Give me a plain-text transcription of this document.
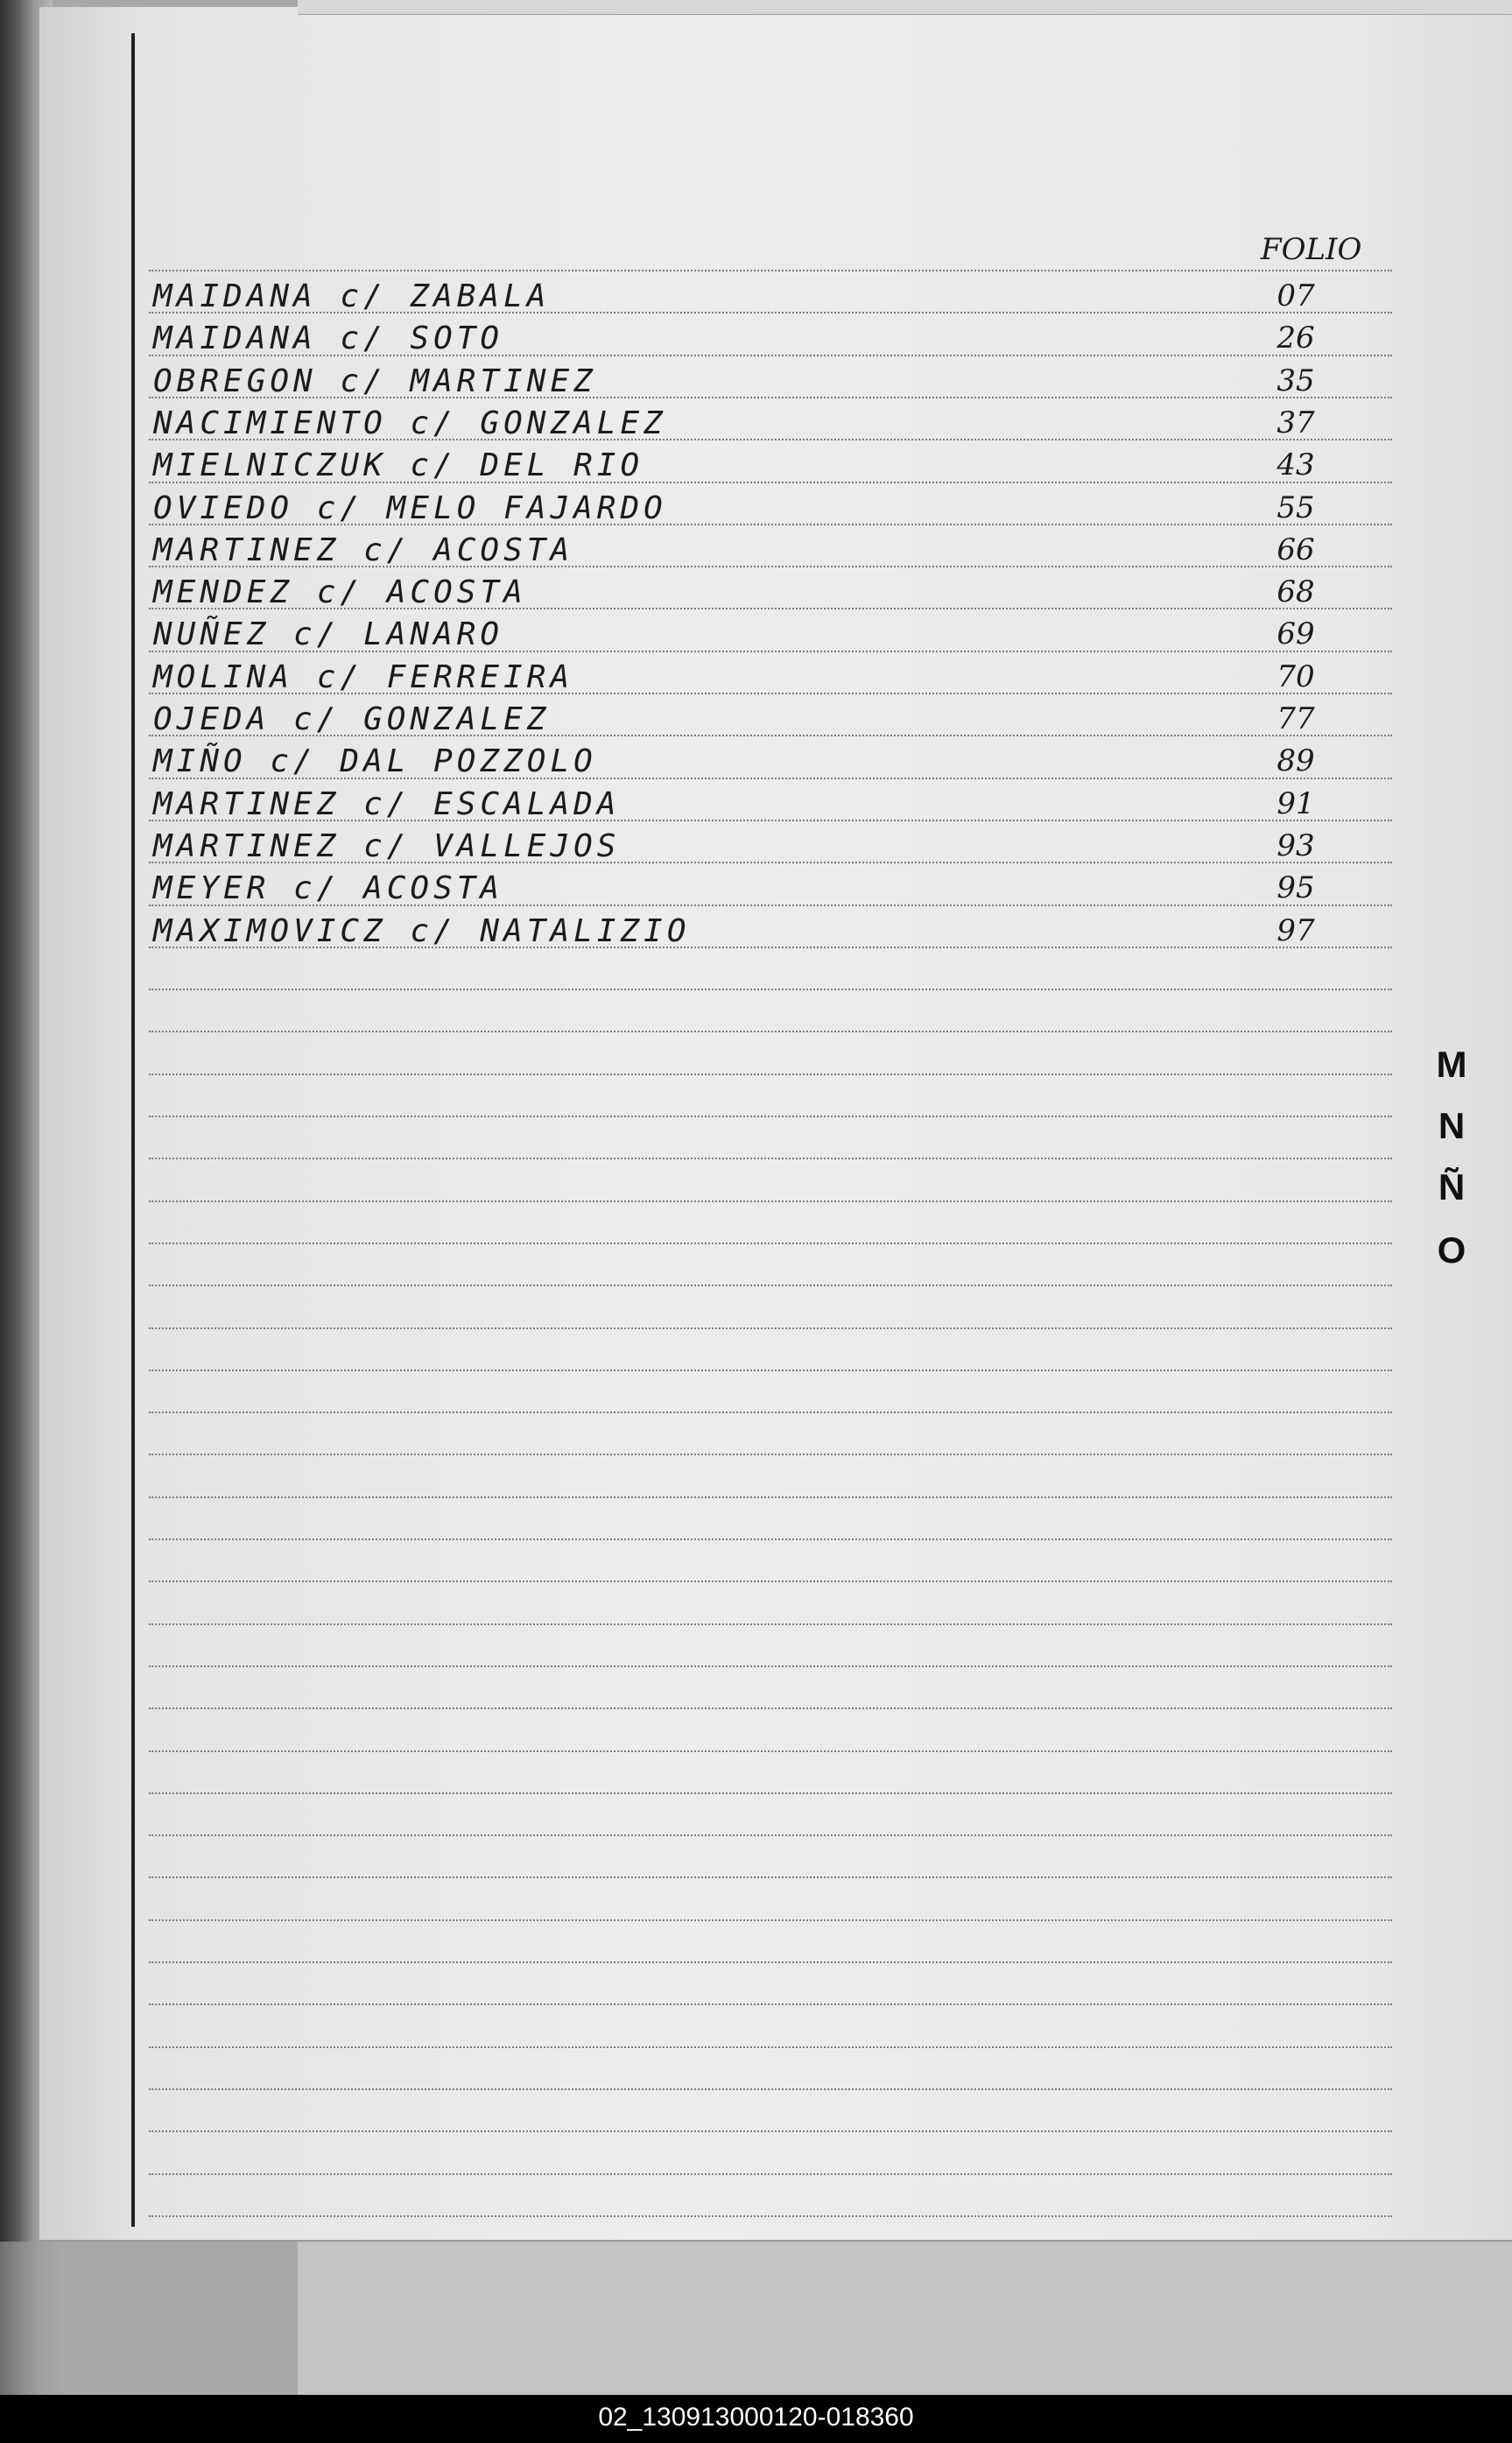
FOLIO
MAIDANA c/ ZABALA	07
MAIDANA c/ SOTO	26
OBREGON c/ MARTINEZ	35
NACIMIENTO c/ GONZALEZ	37
MIELNICZUK c/ DEL RIO	43
OVIEDO c/ MELO FAJARDO	55
MARTINEZ c/ ACOSTA	66
MENDEZ c/ ACOSTA	68
NUÑEZ c/ LANARO	69
MOLINA c/ FERREIRA	70
OJEDA c/ GONZALEZ	77
MIÑO c/ DAL POZZOLO	89
MARTINEZ c/ ESCALADA	91
MARTINEZ c/ VALLEJOS	93
MEYER c/ ACOSTA	95
MAXIMOVICZ c/ NATALIZIO	97
M
N
Ñ
O
02_130913000120-018360
